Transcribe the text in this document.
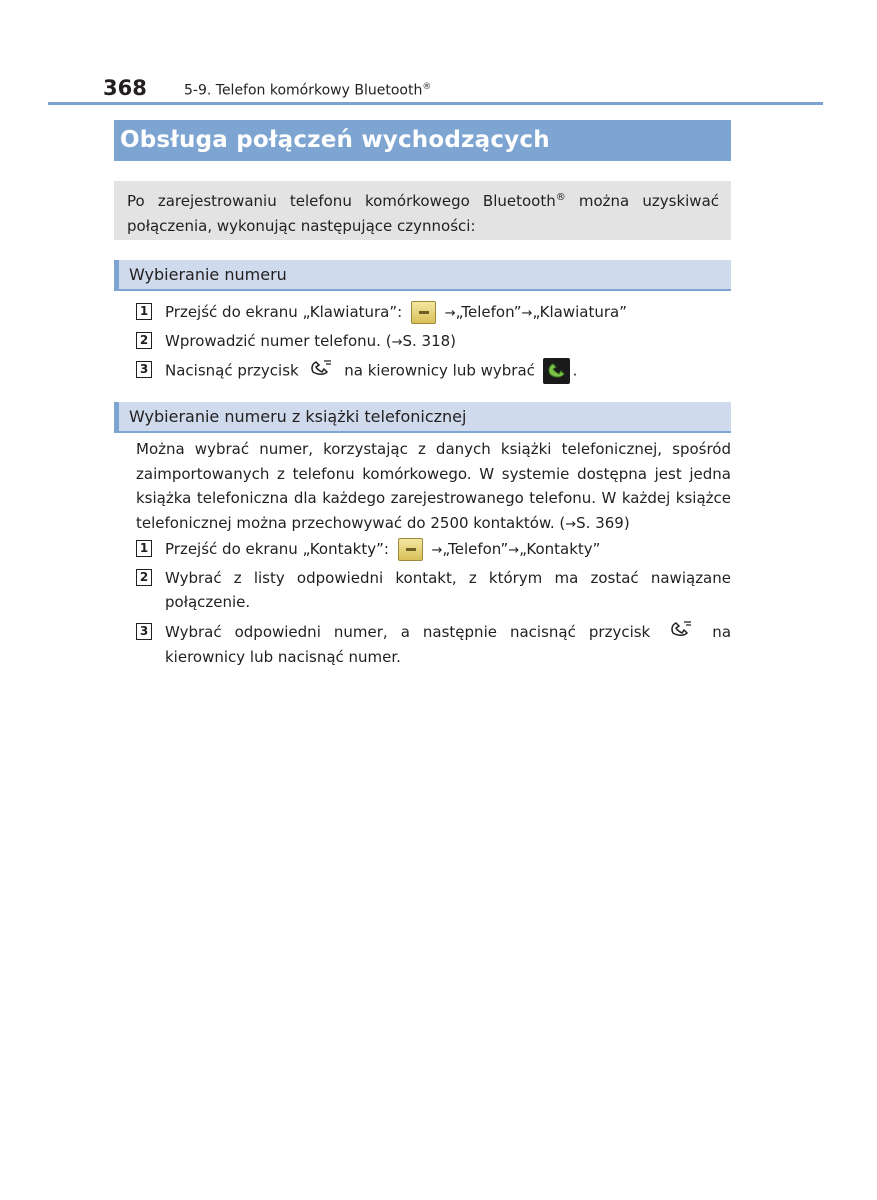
368	5-9. Telefon komórkowy Bluetooth®
Obsługa połączeń wychodzących
Po zarejestrowaniu telefonu komórkowego Bluetooth® można uzyskiwać połączenia, wykonując następujące czynności:
Wybieranie numeru
1 Przejść do ekranu „Klawiatura”:	→„Telefon”→„Klawiatura”
2 Wprowadzić numer telefonu. (→S. 318)
3 Nacisnąć przycisk  na kierownicy lub wybrać
.
Wybieranie numeru z książki telefonicznej
Można wybrać numer, korzystając z danych książki telefonicznej, spośród zaimportowanych z telefonu komórkowego. W systemie dostępna jest jedna książka telefoniczna dla każdego zarejestrowanego telefonu. W każdej książce telefonicznej można przechowywać do 2500 kontaktów. (→S. 369)
1 Przejść do ekranu „Kontakty”:	→„Telefon”→„Kontakty”
2 Wybrać z listy odpowiedni kontakt, z którym ma zostać nawiązane połączenie.
3 Wybrać odpowiedni numer, a następnie nacisnąć przycisk  na kierownicy lub nacisnąć numer.
